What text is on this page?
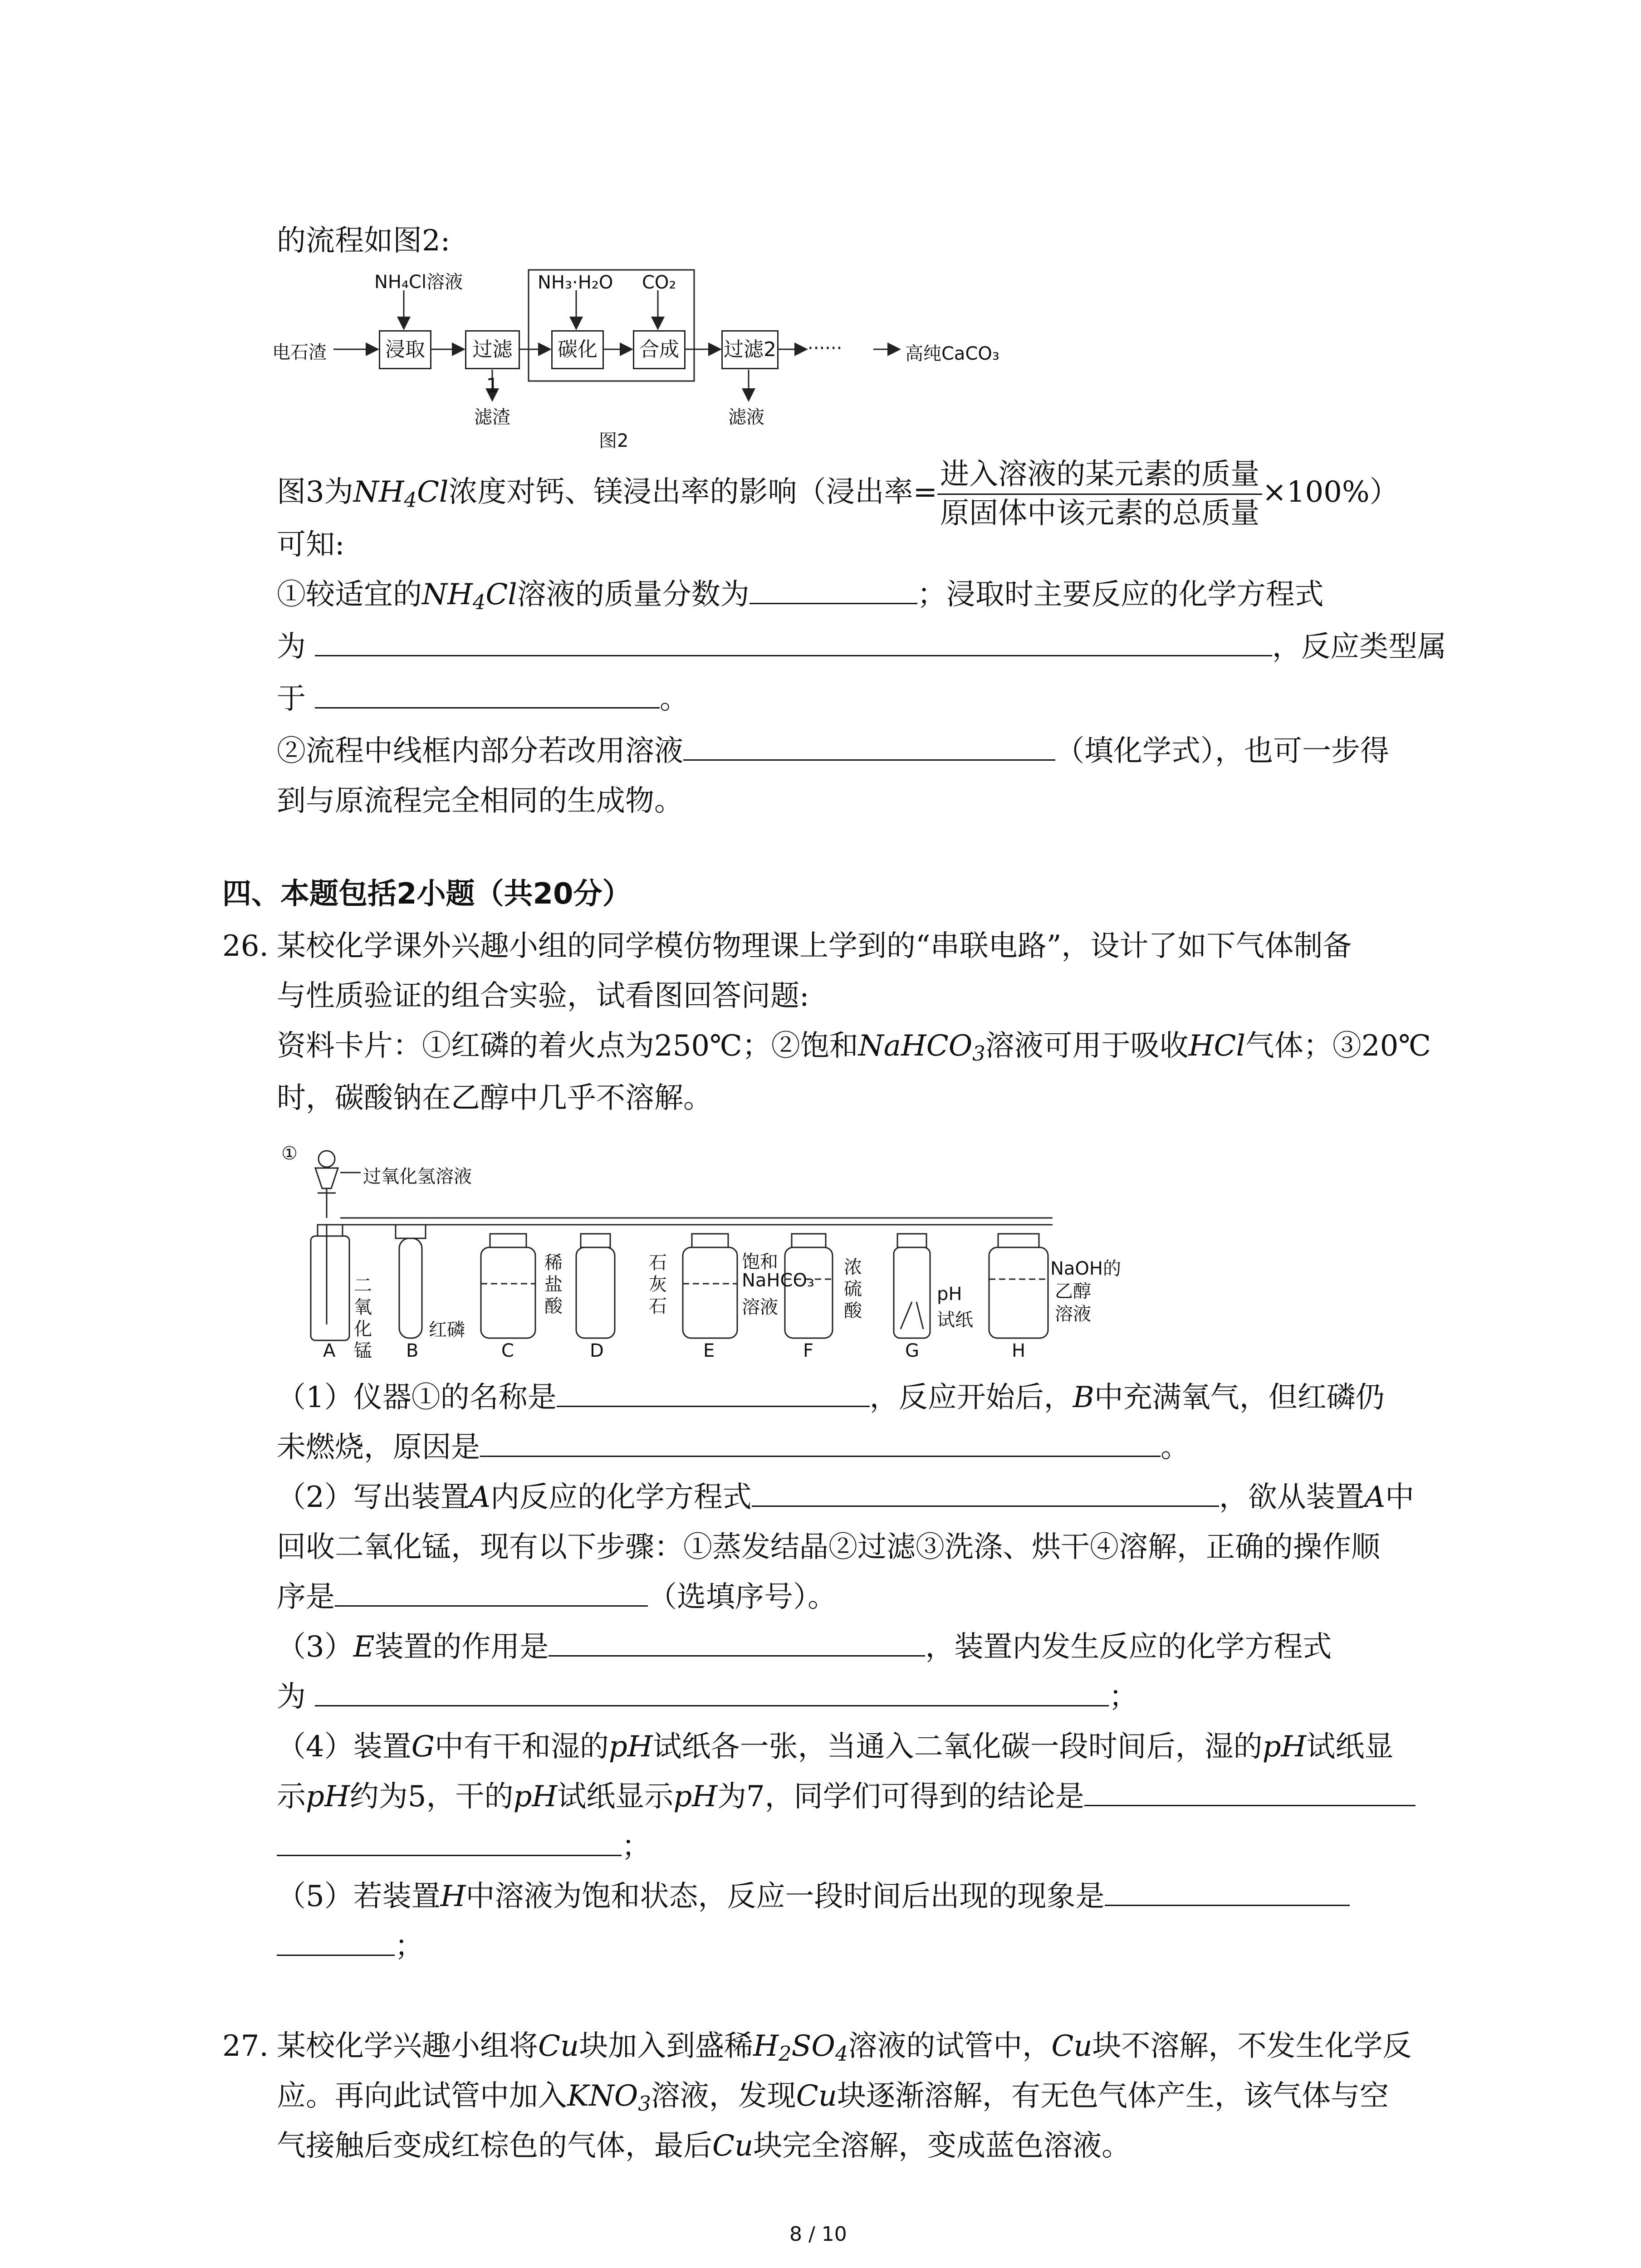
的流程如图2:
电石渣
NH₄Cl溶液	NH₃·H₂O CO₂
浸取	过滤1
碳化	合成	过滤2 ······	高纯CaCO₃
滤渣	滤液
图2
图3为$NH_4Cl$浓度对钙、镁浸出率的影响（浸出率= $\frac{\text{进入溶液的某元素的质量}}{\text{原固体中该元素的总质量}} \times 100\%$）
可知:
①较适宜的$NH_4Cl$溶液的质量分数为	；浸取时主要反应的化学方程式
为	，反应类型属
于	。
②流程中线框内部分若改用溶液	（填化学式），也可一步得
到与原流程完全相同的生成物。
四、本题包括2小题（共20分）
26. 某校化学课外兴趣小组的同学模仿物理课上学到的“串联电路”，设计了如下气体制备
与性质验证的组合实验，试看图回答问题:
资料卡片：①红磷的着火点为250℃；②饱和NaHCO$_3$溶液可用于吸收HCl气体；③20℃
时，碳酸钠在乙醇中几乎不溶解。
①
过氧化氢溶液
二氧化锰
红磷
稀盐酸
石灰石
饱和
NaHCO₃
溶液
浓硫酸
pH
试纸
NaOH的
乙醇
溶液
A	B	C	D	E	F	G	H
（1）仪器①的名称是	，反应开始后，B中充满氧气，但红磷仍
未燃烧，原因是	。
（2）写出装置A内反应的化学方程式	，欲从装置A中
回收二氧化锰，现有以下步骤：①蒸发结晶②过滤③洗涤、烘干④溶解，正确的操作顺
序是	（选填序号）。
（3）E装置的作用是	，装置内发生反应的化学方程式
为	；
（4）装置G中有干和湿的pH试纸各一张，当通入二氧化碳一段时间后，湿的pH试纸显
示pH约为5，干的pH试纸显示pH为7，同学们可得到的结论是
；
（5）若装置H中溶液为饱和状态，反应一段时间后出现的现象是
；
27. 某校化学兴趣小组将Cu块加入到盛稀$H_2SO_4$溶液的试管中，Cu块不溶解，不发生化学反
应。再向此试管中加入$KNO_3$溶液，发现Cu块逐渐溶解，有无色气体产生，该气体与空
气接触后变成红棕色的气体，最后Cu块完全溶解，变成蓝色溶液。
8 / 10
